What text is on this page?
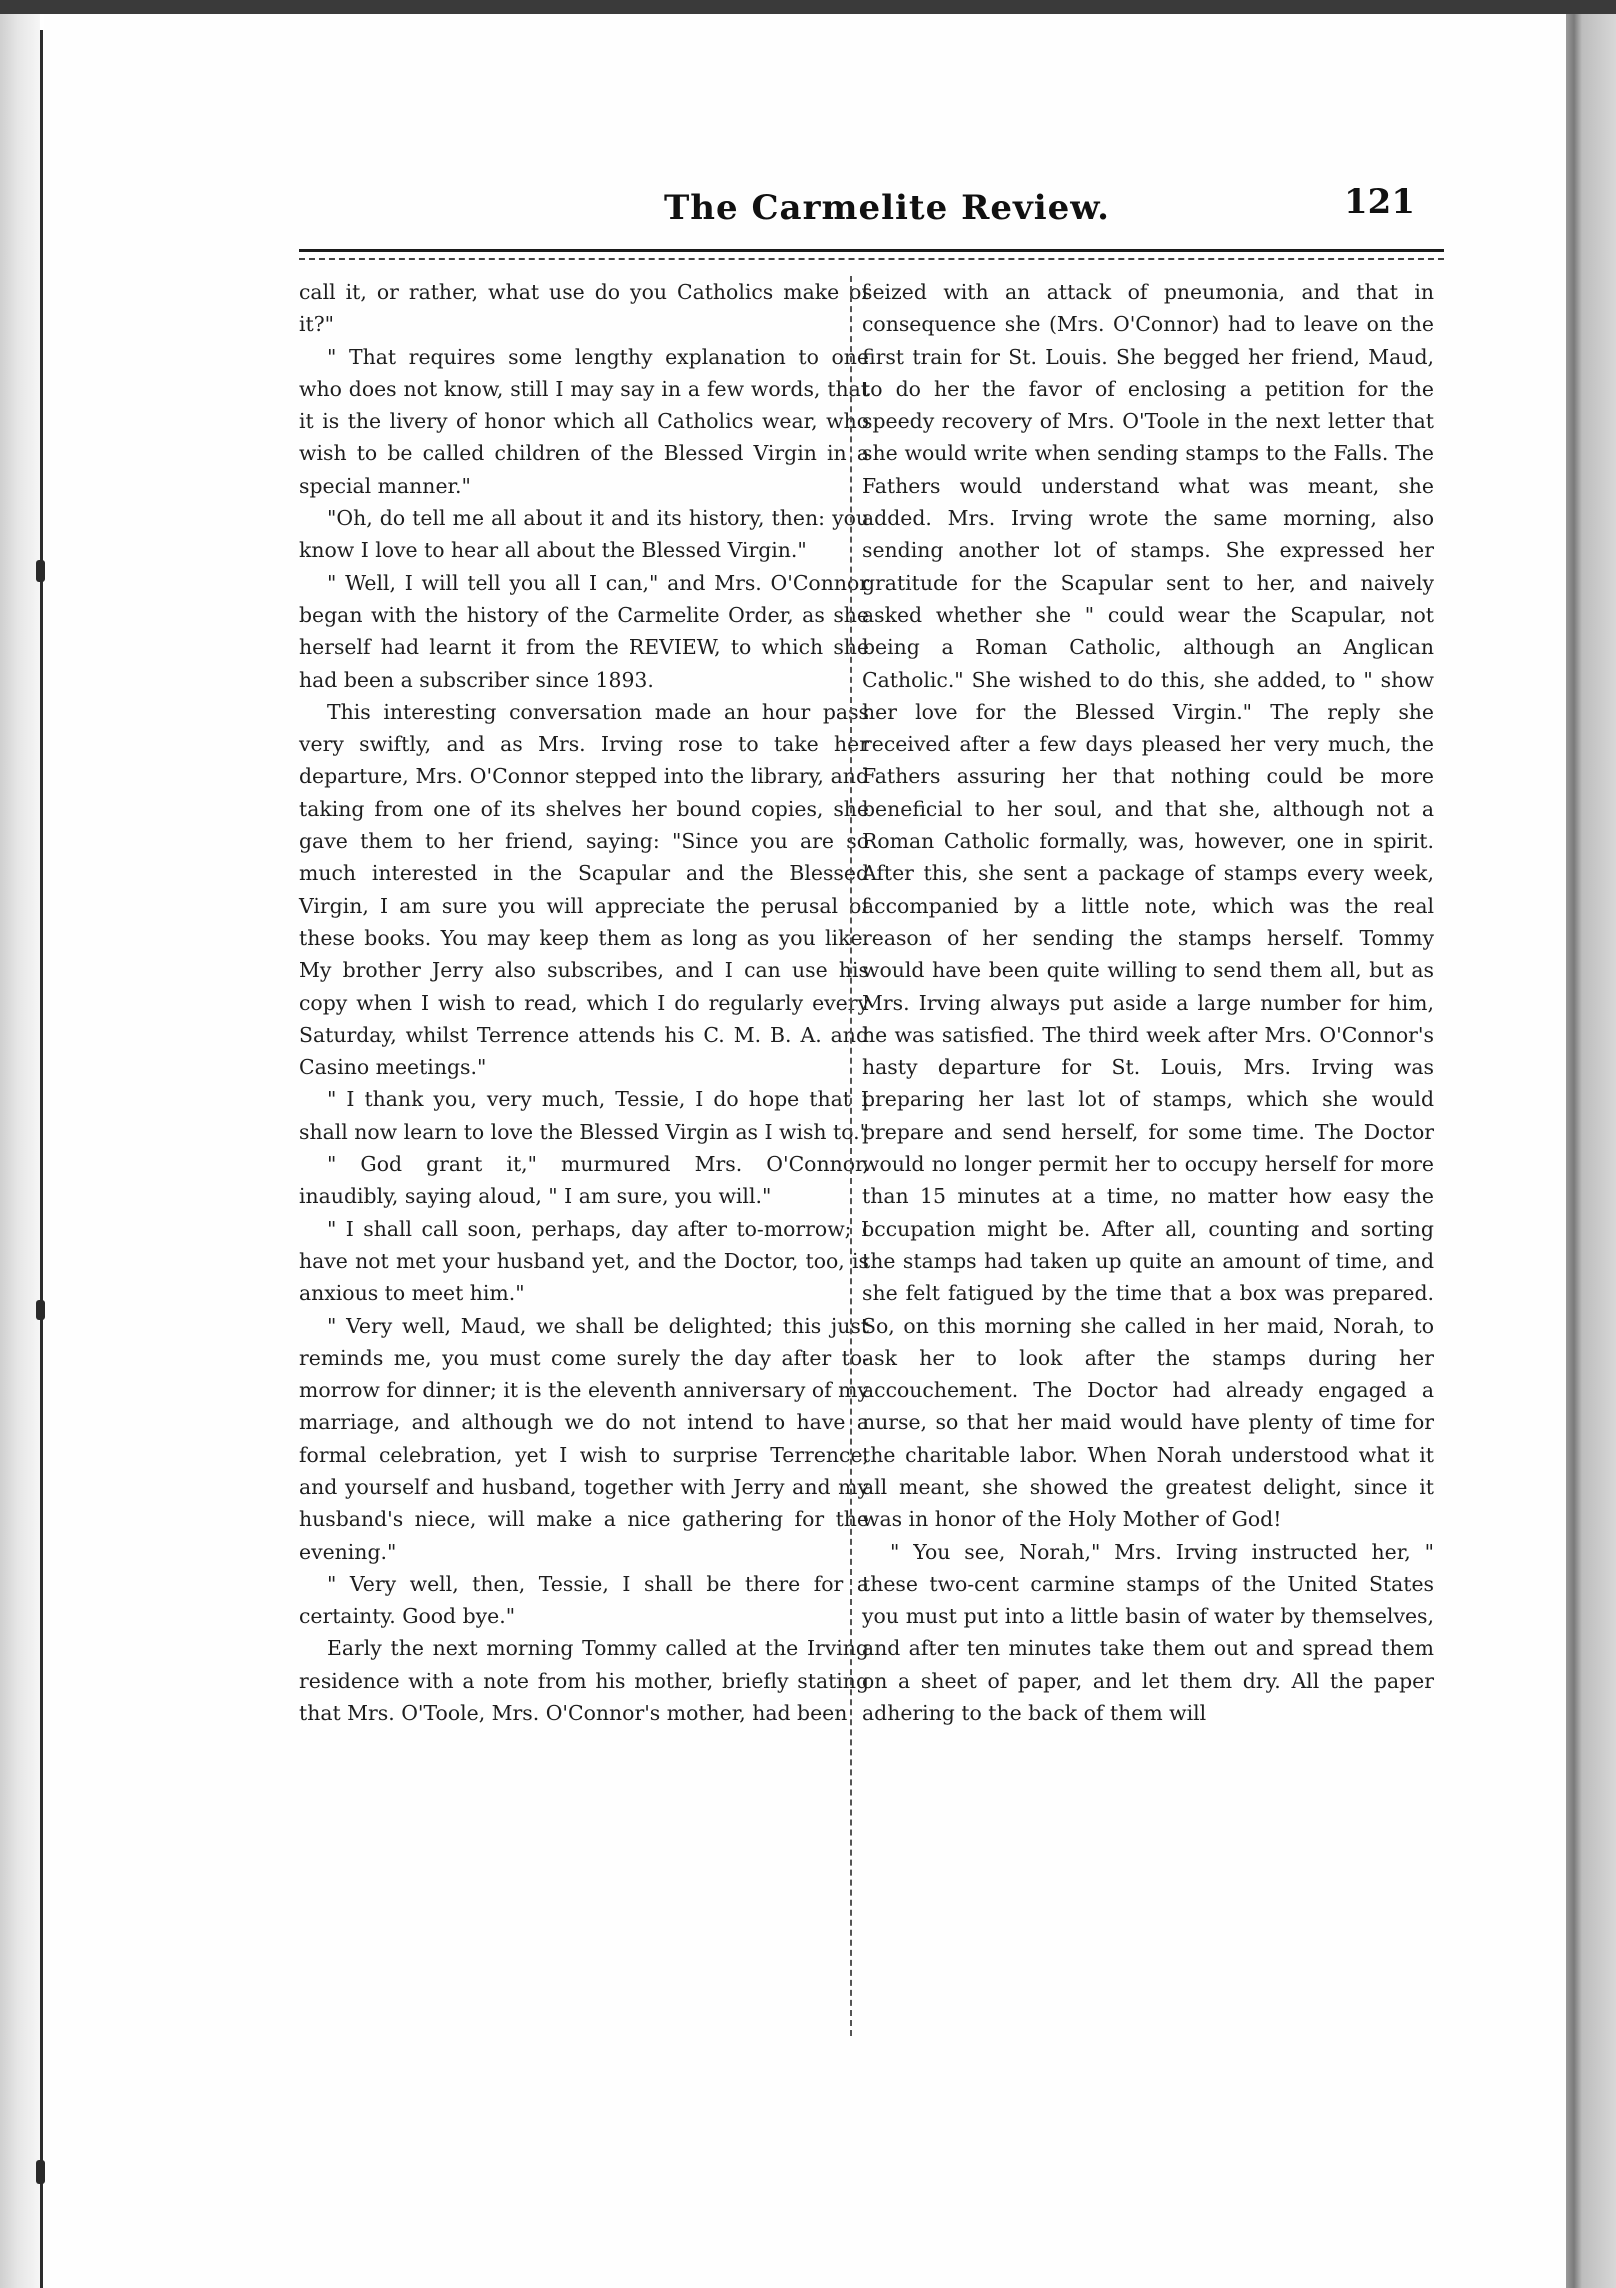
The Carmelite Review.	121

call it, or rather, what use do you Catholics make of it?"

" That requires some lengthy explanation to one who does not know, still I may say in a few words, that it is the livery of honor which all Catholics wear, who wish to be called children of the Blessed Virgin in a special manner."

"Oh, do tell me all about it and its history, then: you know I love to hear all about the Blessed Virgin."

" Well, I will tell you all I can," and Mrs. O'Connor began with the history of the Carmelite Order, as she herself had learnt it from the REVIEW, to which she had been a subscriber since 1893.

This interesting conversation made an hour pass very swiftly, and as Mrs. Irving rose to take her departure, Mrs. O'Connor stepped into the library, and taking from one of its shelves her bound copies, she gave them to her friend, saying: "Since you are so much interested in the Scapular and the Blessed Virgin, I am sure you will appreciate the perusal of these books. You may keep them as long as you like. My brother Jerry also subscribes, and I can use his copy when I wish to read, which I do regularly every Saturday, whilst Terrence attends his C. M. B. A. and Casino meetings."

" I thank you, very much, Tessie, I do hope that I shall now learn to love the Blessed Virgin as I wish to."

" God grant it," murmured Mrs. O'Connor, inaudibly, saying aloud, " I am sure, you will."

" I shall call soon, perhaps, day after to-morrow; I have not met your husband yet, and the Doctor, too, is anxious to meet him."

" Very well, Maud, we shall be delighted; this just reminds me, you must come surely the day after to-morrow for dinner; it is the eleventh anniversary of my marriage, and although we do not intend to have a formal celebration, yet I wish to surprise Terrence, and yourself and husband, together with Jerry and my husband's niece, will make a nice gathering for the evening."

" Very well, then, Tessie, I shall be there for a certainty. Good bye."

Early the next morning Tommy called at the Irving residence with a note from his mother, briefly stating that Mrs. O'Toole, Mrs. O'Connor's mother, had been

seized with an attack of pneumonia, and that in consequence she (Mrs. O'Connor) had to leave on the first train for St. Louis. She begged her friend, Maud, to do her the favor of enclosing a petition for the speedy recovery of Mrs. O'Toole in the next letter that she would write when sending stamps to the Falls. The Fathers would understand what was meant, she added. Mrs. Irving wrote the same morning, also sending another lot of stamps. She expressed her gratitude for the Scapular sent to her, and naively asked whether she " could wear the Scapular, not being a Roman Catholic, although an Anglican Catholic." She wished to do this, she added, to " show her love for the Blessed Virgin." The reply she received after a few days pleased her very much, the Fathers assuring her that nothing could be more beneficial to her soul, and that she, although not a Roman Catholic formally, was, however, one in spirit. After this, she sent a package of stamps every week, accompanied by a little note, which was the real reason of her sending the stamps herself. Tommy would have been quite willing to send them all, but as Mrs. Irving always put aside a large number for him, he was satisfied. The third week after Mrs. O'Connor's hasty departure for St. Louis, Mrs. Irving was preparing her last lot of stamps, which she would prepare and send herself, for some time. The Doctor would no longer permit her to occupy herself for more than 15 minutes at a time, no matter how easy the occupation might be. After all, counting and sorting the stamps had taken up quite an amount of time, and she felt fatigued by the time that a box was prepared. So, on this morning she called in her maid, Norah, to ask her to look after the stamps during her accouchement. The Doctor had already engaged a nurse, so that her maid would have plenty of time for the charitable labor. When Norah understood what it all meant, she showed the greatest delight, since it was in honor of the Holy Mother of God!

" You see, Norah," Mrs. Irving instructed her, " these two-cent carmine stamps of the United States you must put into a little basin of water by themselves, and after ten minutes take them out and spread them on a sheet of paper, and let them dry. All the paper adhering to the back of them will
